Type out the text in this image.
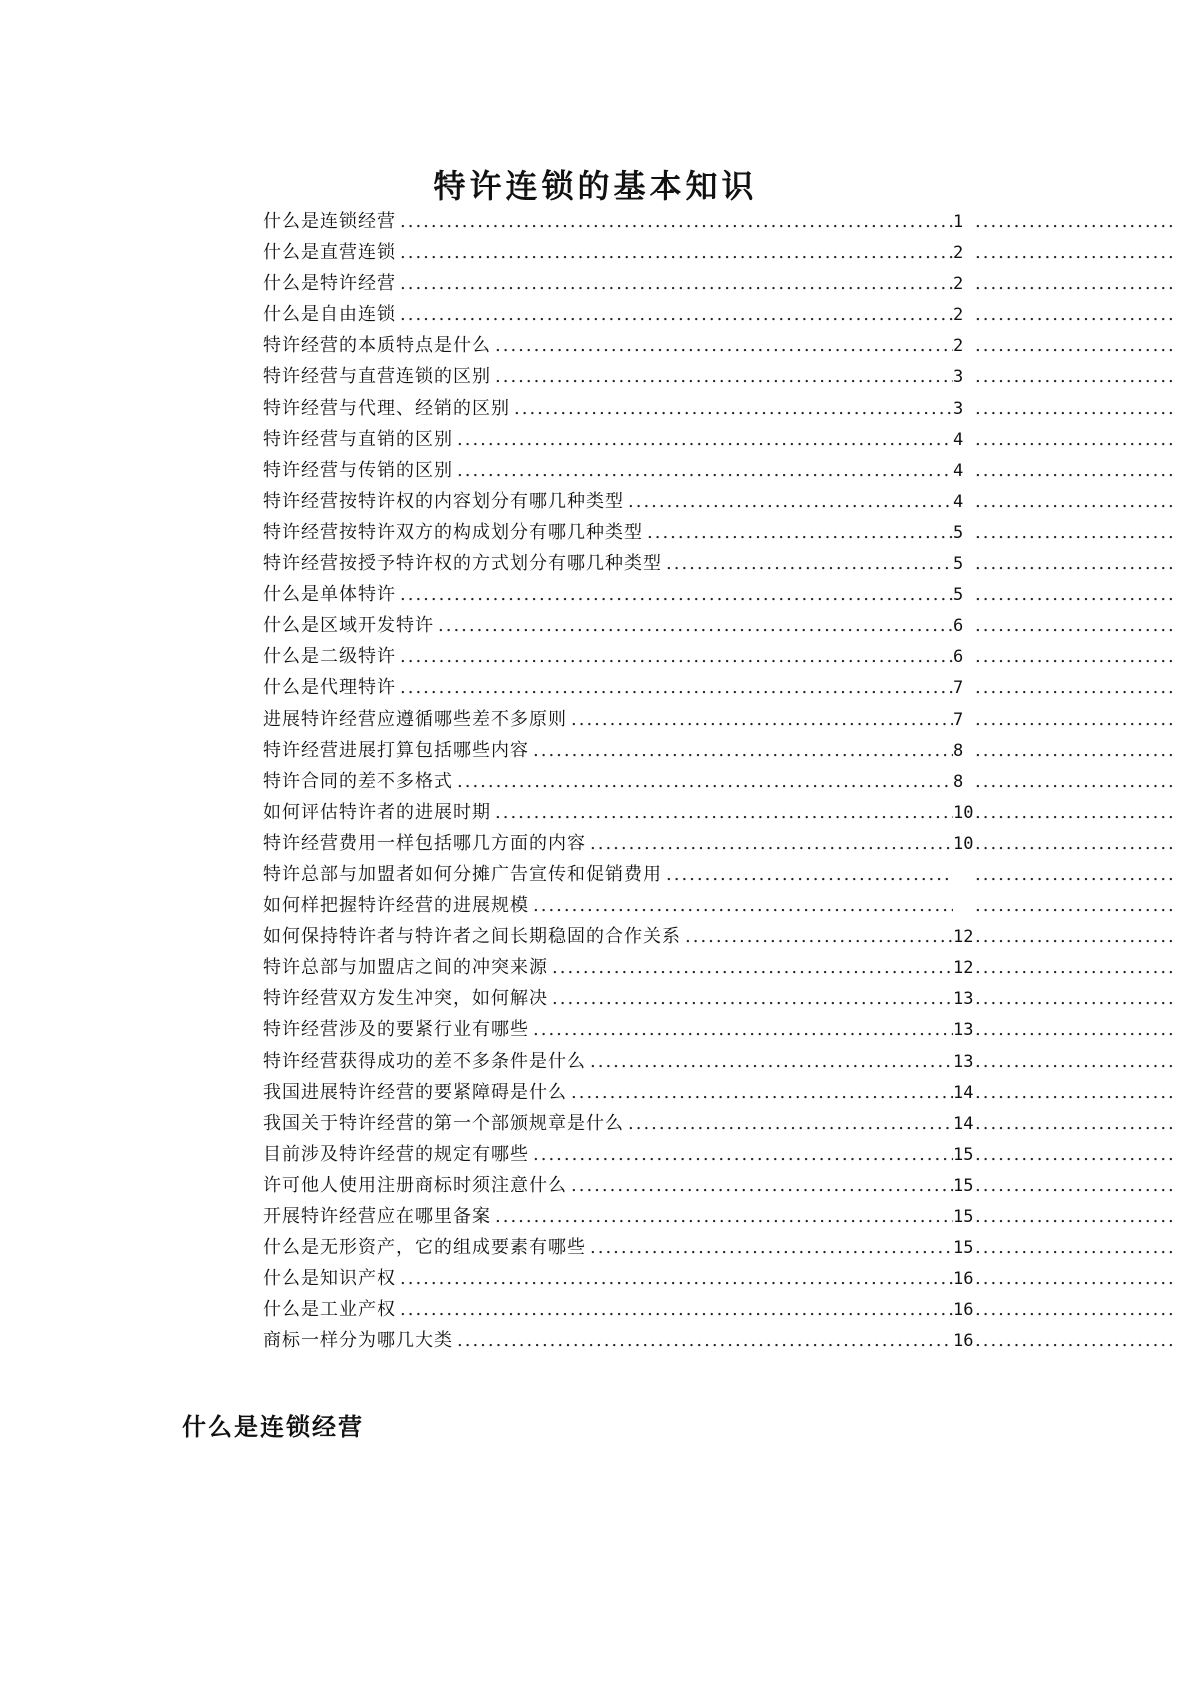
特许连锁的基本知识
什么是连锁经营 .....	1
.....
什么是直营连锁 .....	2
.....
什么是特许经营 .....	2
.....
什么是自由连锁 .....	2
.....
特许经营的本质特点是什么 .....	2
.....
特许经营与直营连锁的区别 .....	3
.....
特许经营与代理、经销的区别 .....	3
.....
特许经营与直销的区别 .....	4
.....
特许经营与传销的区别 .....	4
.....
特许经营按特许权的内容划分有哪几种类型 .....	4
.....
特许经营按特许双方的构成划分有哪几种类型 .....	5
.....
特许经营按授予特许权的方式划分有哪几种类型 .....	5
.....
什么是单体特许 .....	5
.....
什么是区域开发特许 .....	6
.....
什么是二级特许 .....	6
.....
什么是代理特许 .....	7
.....
进展特许经营应遵循哪些差不多原则 .....	7
.....
特许经营进展打算包括哪些内容 .....	8
.....
特许合同的差不多格式 .....	8
.....
如何评估特许者的进展时期 .....	10
.....
特许经营费用一样包括哪几方面的内容 .....	10
.....
特许总部与加盟者如何分摊广告宣传和促销费用
.....
.....
如何样把握特许经营的进展规模
.....
.....
如何保持特许者与特许者之间长期稳固的合作关系 .....	12
.....
特许总部与加盟店之间的冲突来源 .....	12
.....
特许经营双方发生冲突，如何解决 .....	13
.....
特许经营涉及的要紧行业有哪些 .....	13
.....
特许经营获得成功的差不多条件是什么 .....	13
.....
我国进展特许经营的要紧障碍是什么 .....	14
.....
我国关于特许经营的第一个部颁规章是什么 .....	14
.....
目前涉及特许经营的规定有哪些 .....	15
.....
许可他人使用注册商标时须注意什么 .....	15
.....
开展特许经营应在哪里备案 .....	15
.....
什么是无形资产，它的组成要素有哪些 .....	15
.....
什么是知识产权 .....	16
.....
什么是工业产权 .....	16
.....
商标一样分为哪几大类 .....	16
.....
什么是连锁经营
